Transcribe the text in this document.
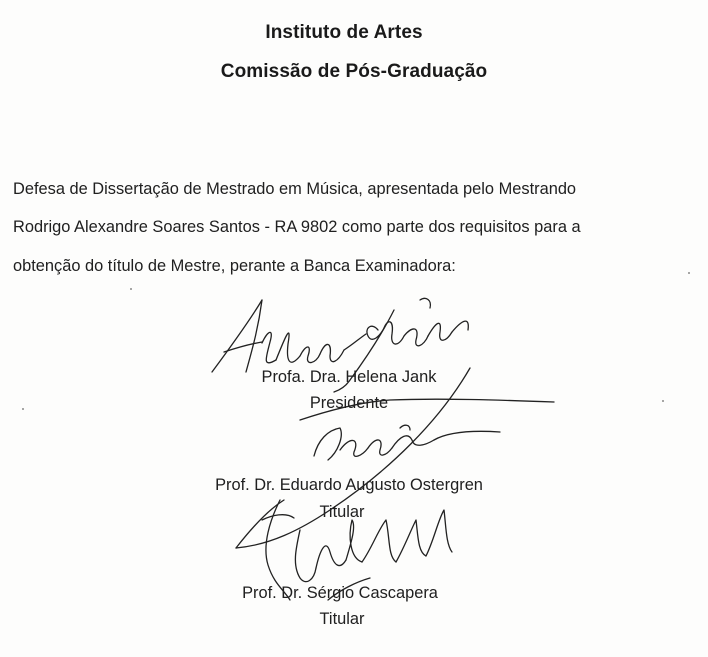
Instituto de Artes
Comissão de Pós-Graduação
Defesa de Dissertação de Mestrado em Música, apresentada pelo Mestrando
Rodrigo Alexandre Soares Santos - RA 9802 como parte dos requisitos para a
obtenção do título de Mestre, perante a Banca Examinadora:
Profa. Dra. Helena Jank
Presidente
Prof. Dr. Eduardo Augusto Ostergren
Titular
Prof. Dr. Sérgio Cascapera
Titular
